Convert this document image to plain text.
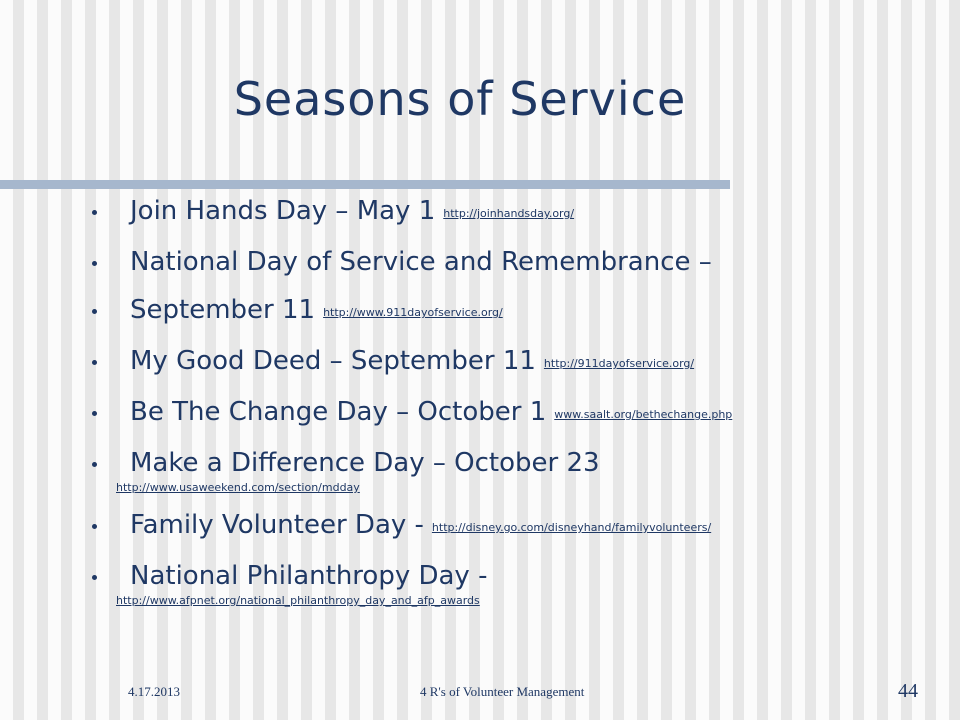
Seasons of Service
Join Hands Day – May 1 http://joinhandsday.org/
National Day of Service and Remembrance –
September 11 http://www.911dayofservice.org/
My Good Deed – September 11 http://911dayofservice.org/
Be The Change Day – October 1 www.saalt.org/bethechange.php
Make a Difference Day – October 23
http://www.usaweekend.com/section/mdday
Family Volunteer Day - http://disney.go.com/disneyhand/familyvolunteers/
National Philanthropy Day -
http://www.afpnet.org/national_philanthropy_day_and_afp_awards
4.17.2013	4 R's of Volunteer Management	44
